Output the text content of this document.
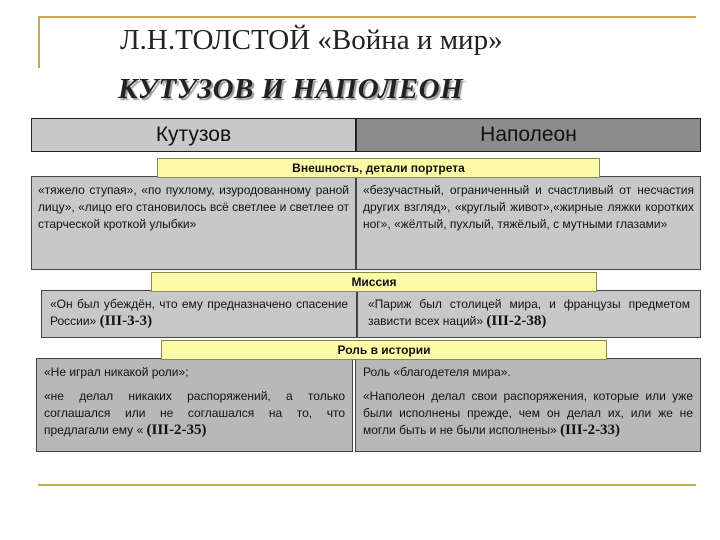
Л.Н.ТОЛСТОЙ «Война и мир»
КУТУЗОВ И НАПОЛЕОН
Кутузов	Наполеон

«тяжело ступая», «по пухлому, изуродованному раной лицу», «лицо его становилось всё светлее и светлее от старческой кроткой улыбки»

«безучастный, ограниченный и счастливый от несчастия других взгляд», «круглый живот»,«жирные ляжки коротких ног», «жёлтый, пухлый, тяжёлый, с мутными глазами»

Внешность, детали портрета

«Он был убеждён, что ему предназначено спасение России» (III-3-3)

«Париж был столицей мира, и французы предметом зависти всех наций» (III-2-38)

Миссия

«Не играл никакой роли»;

«не делал никаких распоряжений, а только соглашался или не соглашался на то, что предлагали ему « (III-2-35)

Роль «благодетеля мира».

«Наполеон делал свои распоряжения, которые или уже были исполнены прежде, чем он делал их, или же не могли быть и не были исполнены» (III-2-33)

Роль в истории
